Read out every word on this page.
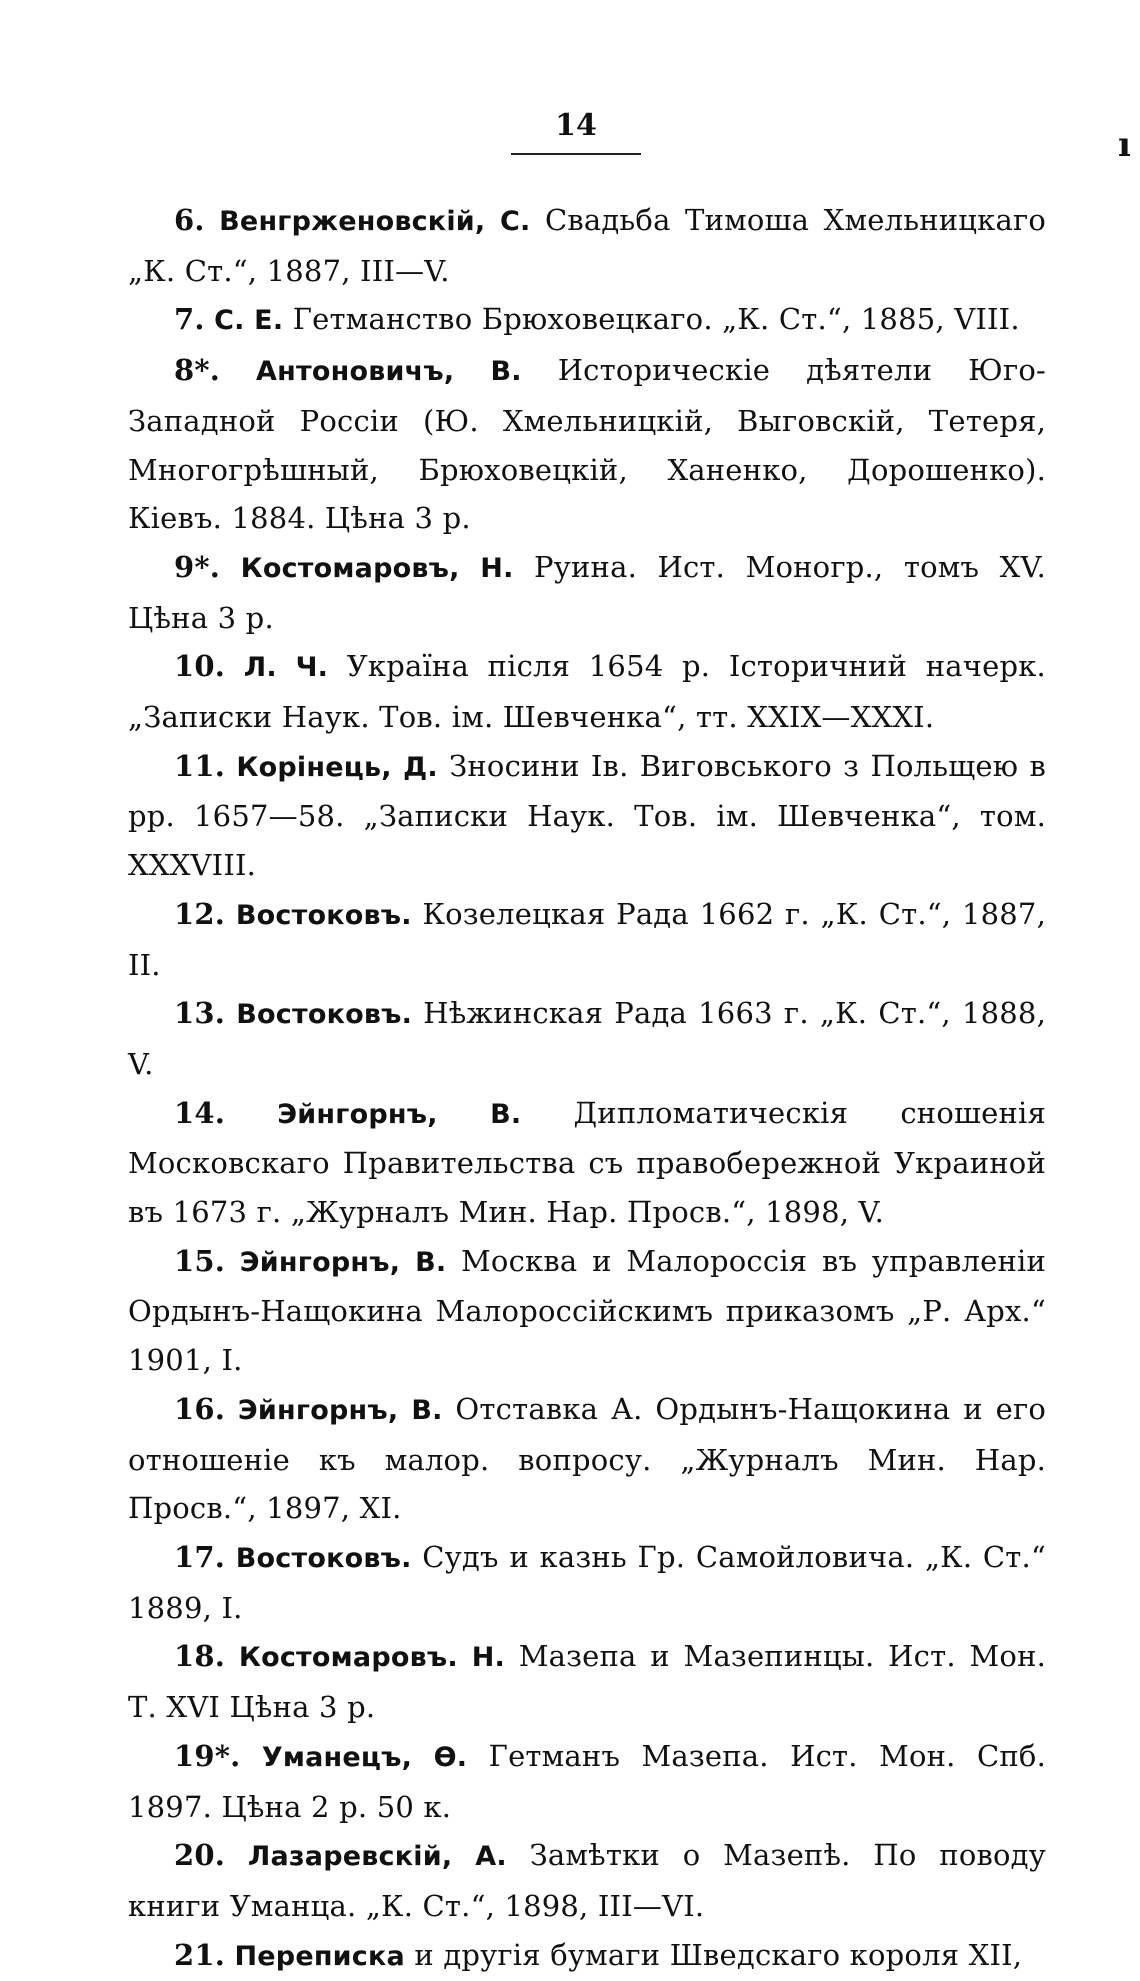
14	ı

6. Венгрженовскій, С. Свадьба Тимоша Хмельницкаго „К. Ст.“, 1887, III—V.

7. С. Е. Гетманство Брюховецкаго. „К. Ст.“, 1885, VIII.

8*. Антоновичъ, В. Историческіе дѣятели Юго-Западной Россіи (Ю. Хмельницкій, Выговскій, Тетеря, Многогрѣшный, Брюховецкій, Ханенко, Дорошенко). Кіевъ. 1884. Цѣна 3 р.

9*. Костомаровъ, Н. Руина. Ист. Моногр., томъ XV. Цѣна 3 р.

10. Л. Ч. Україна після 1654 р. Історичний начерк. „Записки Наук. Тов. ім. Шевченка“, тт. XXIX—XXXI.

11. Корінець, Д. Зносини Ів. Виговського з Польщею в рр. 1657—58. „Записки Наук. Тов. ім. Шевченка“, том. XXXVIII.

12. Востоковъ. Козелецкая Рада 1662 г. „К. Ст.“, 1887, II.

13. Востоковъ. Нѣжинская Рада 1663 г. „К. Ст.“, 1888, V.

14. Эйнгорнъ, В. Дипломатическія сношенія Московскаго Правительства съ правобережной Украиной въ 1673 г. „Журналъ Мин. Нар. Просв.“, 1898, V.

15. Эйнгорнъ, В. Москва и Малороссія въ управленіи Ордынъ-Нащокина Малороссійскимъ приказомъ „Р. Арх.“ 1901, I.

16. Эйнгорнъ, В. Отставка А. Ордынъ-Нащокина и его отношеніе къ малор. вопросу. „Журналъ Мин. Нар. Просв.“, 1897, XI.

17. Востоковъ. Судъ и казнь Гр. Самойловича. „К. Ст.“ 1889, I.

18. Костомаровъ. Н. Мазепа и Мазепинцы. Ист. Мон. Т. XVI Цѣна 3 р.

19*. Уманецъ, Ѳ. Гетманъ Мазепа. Ист. Мон. Спб. 1897. Цѣна 2 р. 50 к.

20. Лазаревскій, А. Замѣтки о Мазепѣ. По поводу книги Уманца. „К. Ст.“, 1898, III—VI.

21. Переписка и другія бумаги Шведскаго короля XII,
